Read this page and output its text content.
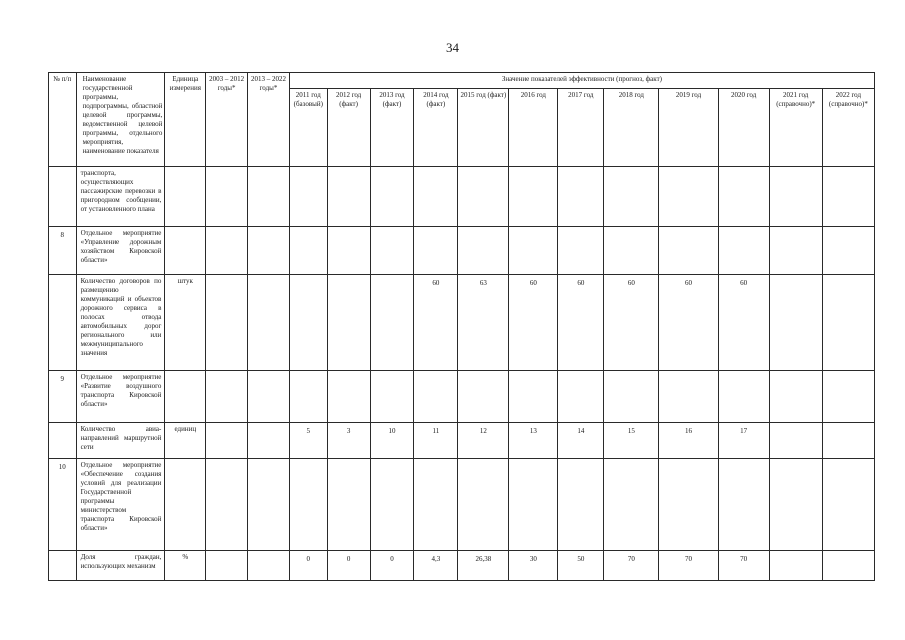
34
№ п/п	Наименование государственной программы, подпрограммы, областной целевой программы, ведомственной целевой программы, отдельного мероприятия, наименование показателя	Единица измерения	2003 – 2012 годы*	2013 – 2022 годы*	Значение показателей эффективности (прогноз, факт)											
					2011 год (базовый)	2012 год (факт)	2013 год (факт)	2014 год (факт)	2015 год (факт)	2016 год	2017 год	2018 год	2019 год	2020 год	2021 год (справочно)*	2022 год (справочно)*
	транспорта, осуществляющих пассажирские перевозки в пригородном сообщении, от установленного плана															
8	Отдельное мероприятие «Управление дорожным хозяйством Кировской области»															
	Количество договоров по размещению коммуникаций и объектов дорожного сервиса в полосах отвода автомобильных дорог регионального или межмуниципального значения	штук						60	63	60	60	60	60	60		
9	Отдельное мероприятие «Развитие воздушного транспорта Кировской области»															
	Количество авиа-направлений маршрутной сети	единиц			5	3	10	11	12	13	14	15	16	17		
10	Отдельное мероприятие «Обеспечение создания условий для реализации Государственной программы министерством транспорта Кировской области»															
	Доля граждан, использующих механизм	%			0	0	0	4,3	26,38	30	50	70	70	70		
